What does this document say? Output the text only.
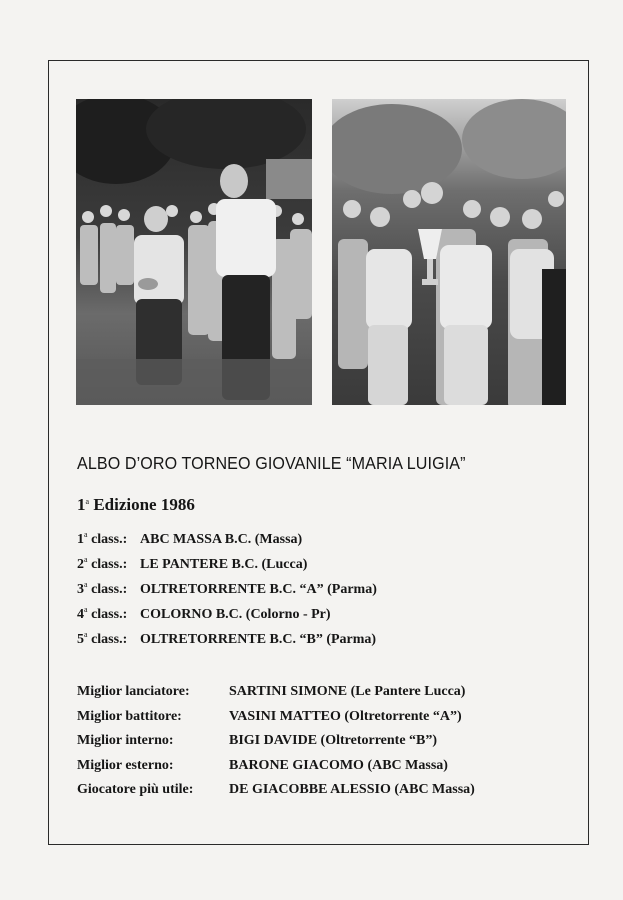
ALBO D’ORO TORNEO GIOVANILE “MARIA LUIGIA”
1$^a$ Edizione 1986
1$^a$ class.: ABC MASSA B.C. (Massa)
2$^a$ class.: LE PANTERE B.C. (Lucca)
3$^a$ class.: OLTRETORRENTE B.C. “A” (Parma)
4$^a$ class.: COLORNO B.C. (Colorno - Pr)
5$^a$ class.: OLTRETORRENTE B.C. “B” (Parma)
Miglior lanciatore:	SARTINI SIMONE (Le Pantere Lucca)
Miglior battitore:	VASINI MATTEO (Oltretorrente “A”)
Miglior interno:	BIGI DAVIDE (Oltretorrente “B”)
Miglior esterno:	BARONE GIACOMO (ABC Massa)
Giocatore più utile:	DE GIACOBBE ALESSIO (ABC Massa)
